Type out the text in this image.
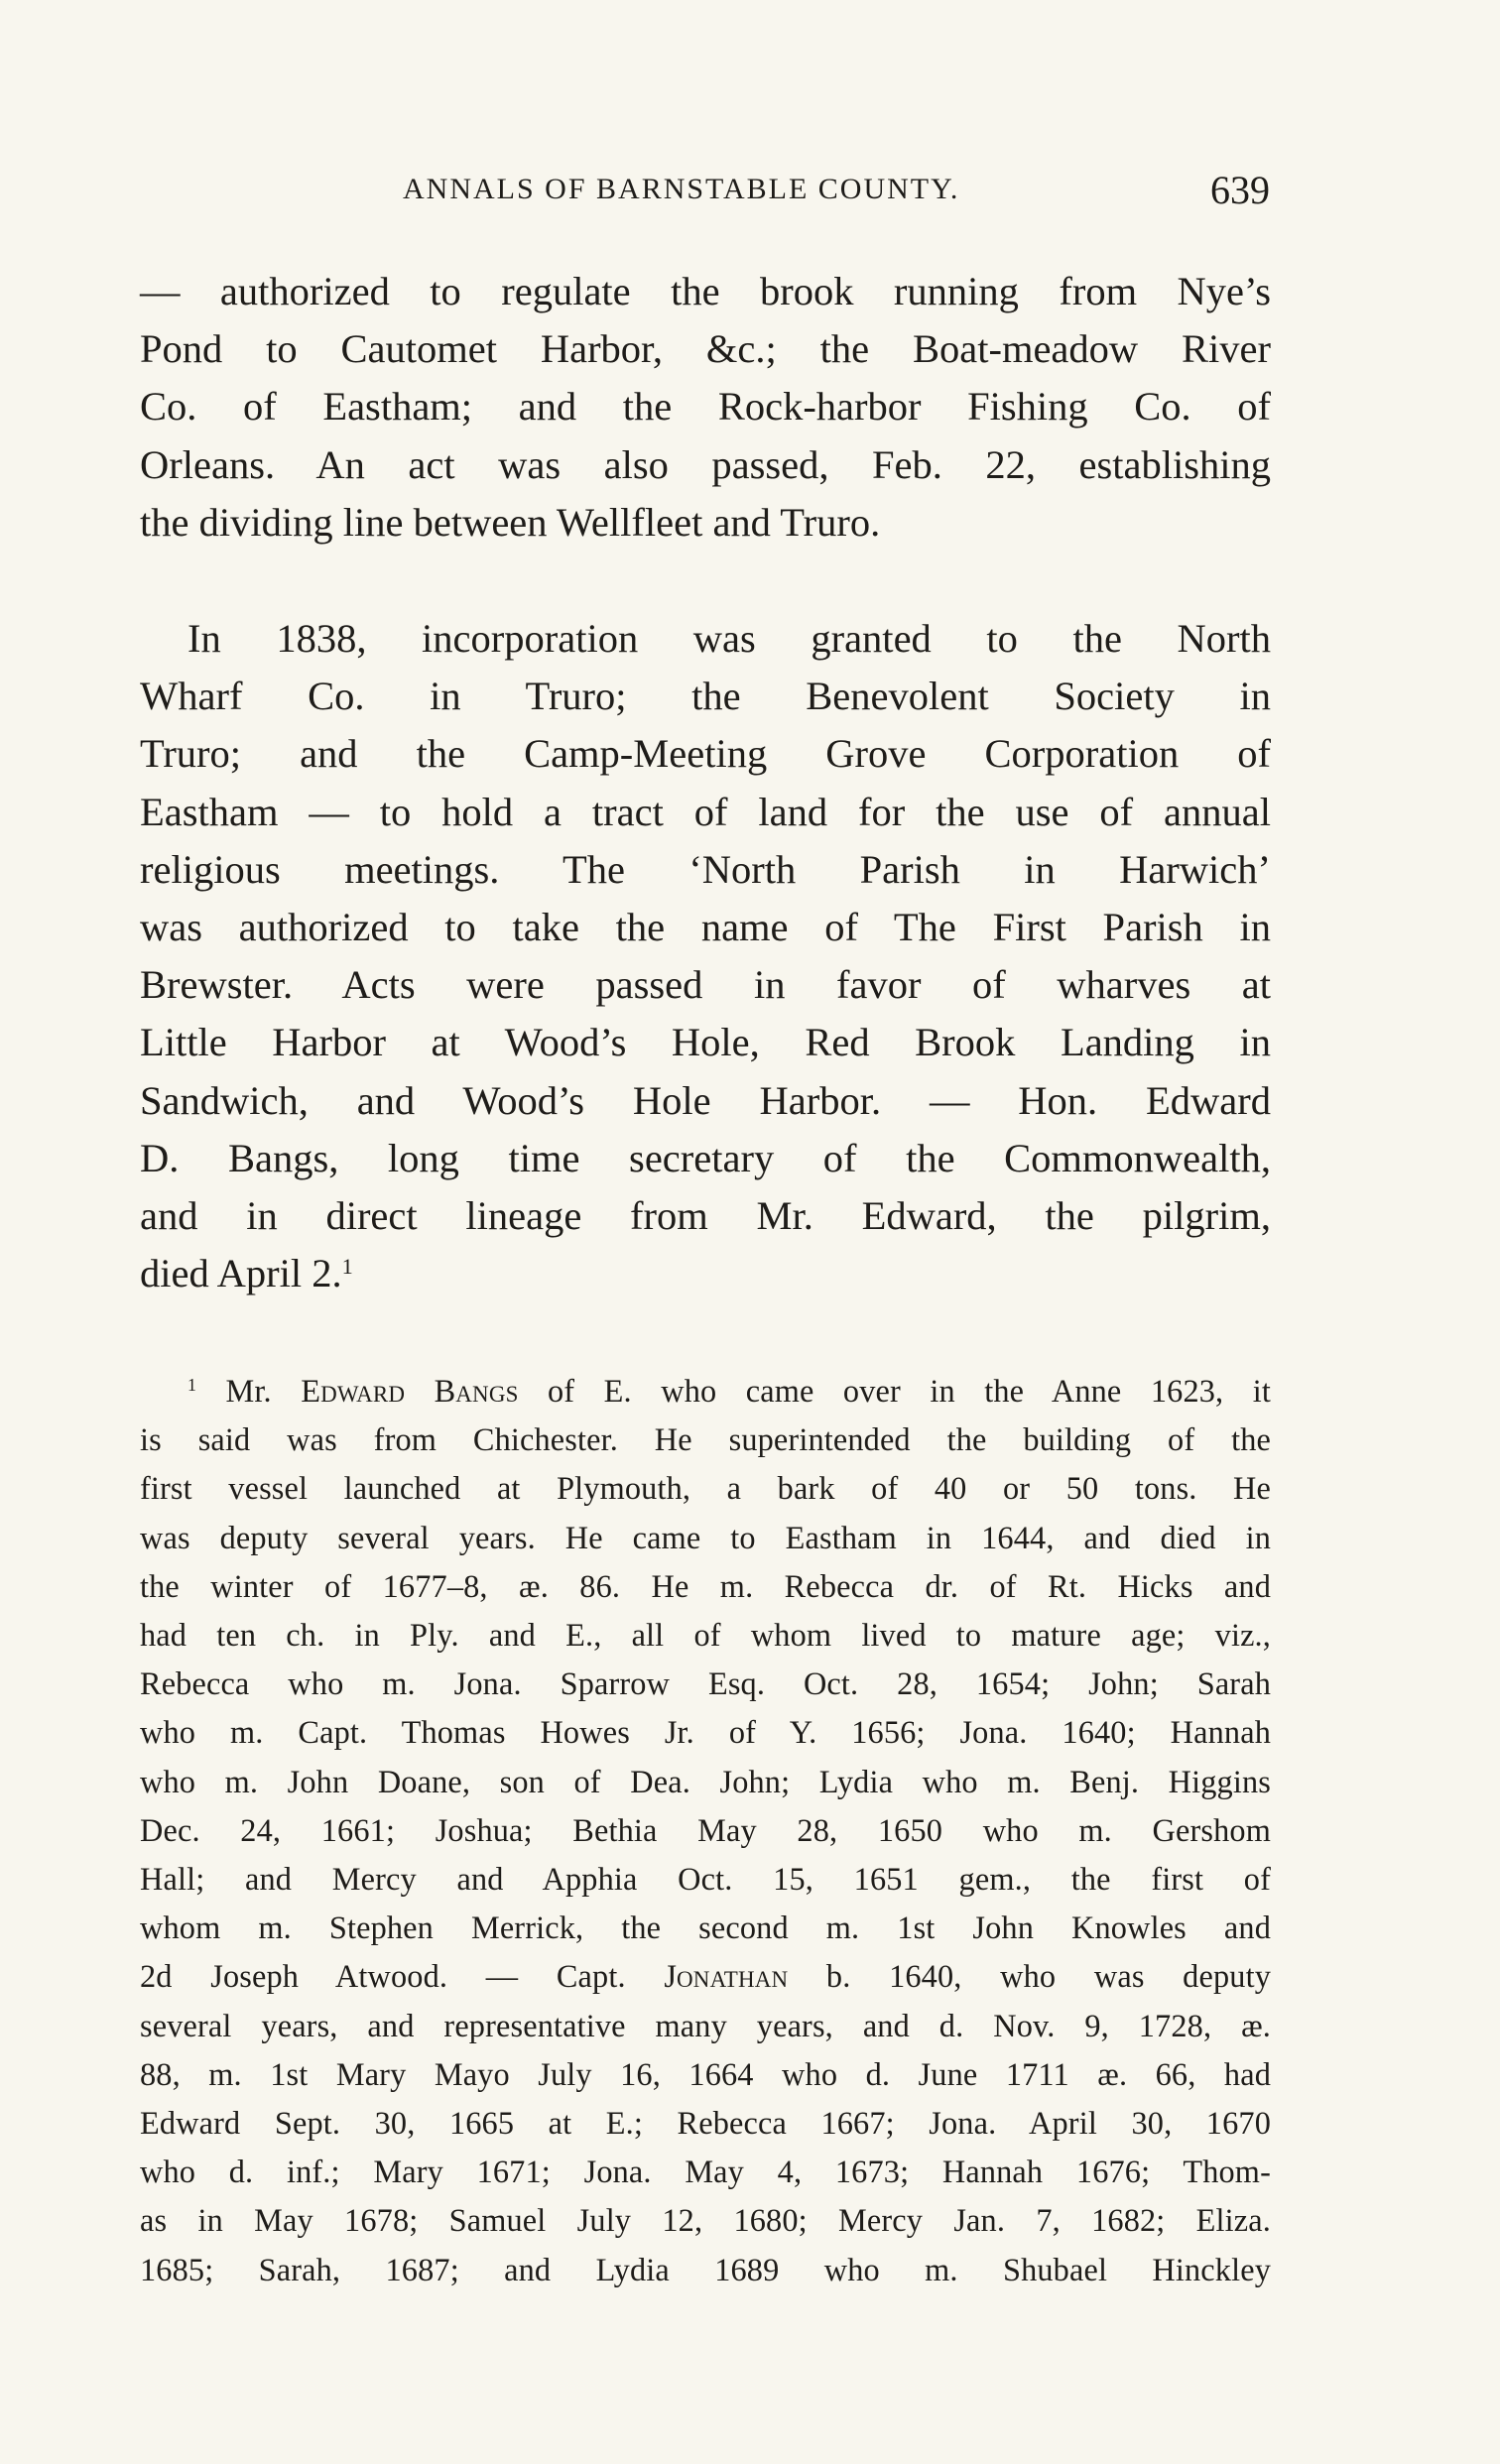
ANNALS OF BARNSTABLE COUNTY.	639
— authorized to regulate the brook running from Nye’s
Pond to Cautomet Harbor, &c.; the Boat-meadow River
Co. of Eastham; and the Rock-harbor Fishing Co. of
Orleans. An act was also passed, Feb. 22, establishing
the dividing line between Wellfleet and Truro.
In 1838, incorporation was granted to the North
Wharf Co. in Truro; the Benevolent Society in
Truro; and the Camp-Meeting Grove Corporation of
Eastham — to hold a tract of land for the use of annual
religious meetings. The ‘North Parish in Harwich’
was authorized to take the name of The First Parish in
Brewster. Acts were passed in favor of wharves at
Little Harbor at Wood’s Hole, Red Brook Landing in
Sandwich, and Wood’s Hole Harbor. — Hon. Edward
D. Bangs, long time secretary of the Commonwealth,
and in direct lineage from Mr. Edward, the pilgrim,
died April 2.$^1$
$^1$ Mr. Edward Bangs of E. who came over in the Anne 1623, it
is said was from Chichester. He superintended the building of the
first vessel launched at Plymouth, a bark of 40 or 50 tons. He
was deputy several years. He came to Eastham in 1644, and died in
the winter of 1677–8, æ. 86. He m. Rebecca dr. of Rt. Hicks and
had ten ch. in Ply. and E., all of whom lived to mature age; viz.,
Rebecca who m. Jona. Sparrow Esq. Oct. 28, 1654; John; Sarah
who m. Capt. Thomas Howes Jr. of Y. 1656; Jona. 1640; Hannah
who m. John Doane, son of Dea. John; Lydia who m. Benj. Higgins
Dec. 24, 1661; Joshua; Bethia May 28, 1650 who m. Gershom
Hall; and Mercy and Apphia Oct. 15, 1651 gem., the first of
whom m. Stephen Merrick, the second m. 1st John Knowles and
2d Joseph Atwood. — Capt. Jonathan b. 1640, who was deputy
several years, and representative many years, and d. Nov. 9, 1728, æ.
88, m. 1st Mary Mayo July 16, 1664 who d. June 1711 æ. 66, had
Edward Sept. 30, 1665 at E.; Rebecca 1667; Jona. April 30, 1670
who d. inf.; Mary 1671; Jona. May 4, 1673; Hannah 1676; Thom-
as in May 1678; Samuel July 12, 1680; Mercy Jan. 7, 1682; Eliza.
1685; Sarah, 1687; and Lydia 1689 who m. Shubael Hinckley
